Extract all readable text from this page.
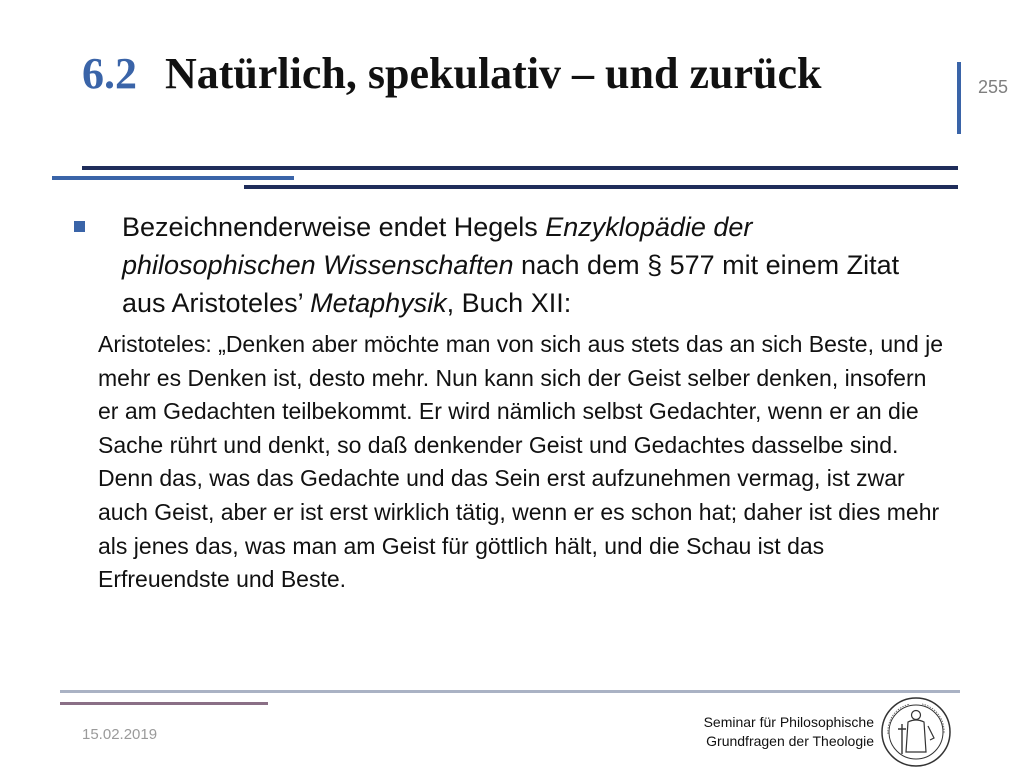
6.2 Natürlich, spekulativ – und zurück	255

Bezeichnenderweise endet Hegels Enzyklopädie der philosophischen Wissenschaften nach dem § 577 mit einem Zitat aus Aristoteles’ Metaphysik, Buch XII:

Aristoteles: „Denken aber möchte man von sich aus stets das an sich Beste, und je mehr es Denken ist, desto mehr. Nun kann sich der Geist selber denken, insofern er am Gedachten teilbekommt. Er wird nämlich selbst Gedachter, wenn er an die Sache rührt und denkt, so daß denkender Geist und Gedachtes dasselbe sind. Denn das, was das Gedachte und das Sein erst aufzunehmen vermag, ist zwar auch Geist, aber er ist erst wirklich tätig, wenn er es schon hat; daher ist dies mehr als jenes das, was man am Geist für göttlich hält, und die Schau ist das Erfreuendste und Beste.

15.02.2019
Seminar für Philosophische
Grundfragen der Theologie
